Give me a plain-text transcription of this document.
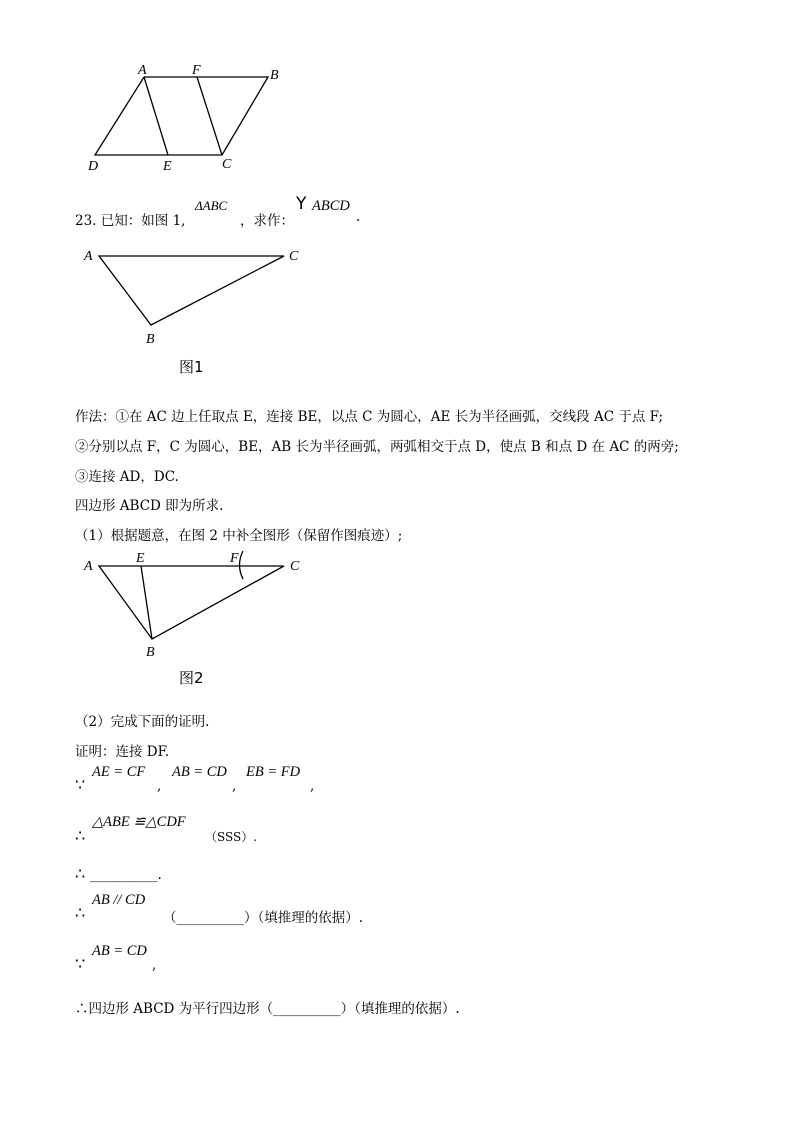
A	F	B
D	E	C
23. 已知：如图 1,
ΔABC
，求作：
Y ABCD
.
A	C
B
图1
作法：①在 AC 边上任取点 E，连接 BE，以点 C 为圆心，AE 长为半径画弧，交线段 AC 于点 F;
②分别以点 F，C 为圆心，BE，AB 长为半径画弧，两弧相交于点 D，使点 B 和点 D 在 AC 的两旁;
③连接 AD，DC.
四边形 ABCD 即为所求.
（1）根据题意，在图 2 中补全图形（保留作图痕迹）;
A
E	F
C
B
图2
（2）完成下面的证明.
证明：连接 DF.
∵
AE = CF
,
AB = CD
,
EB = FD
,
∴
△ABE ≌△CDF
（SSS）.
∴ __________.
∴
AB // CD
（__________）（填推理的依据）.
∵
AB = CD
,
∴四边形 ABCD 为平行四边形（__________）（填推理的依据）.
